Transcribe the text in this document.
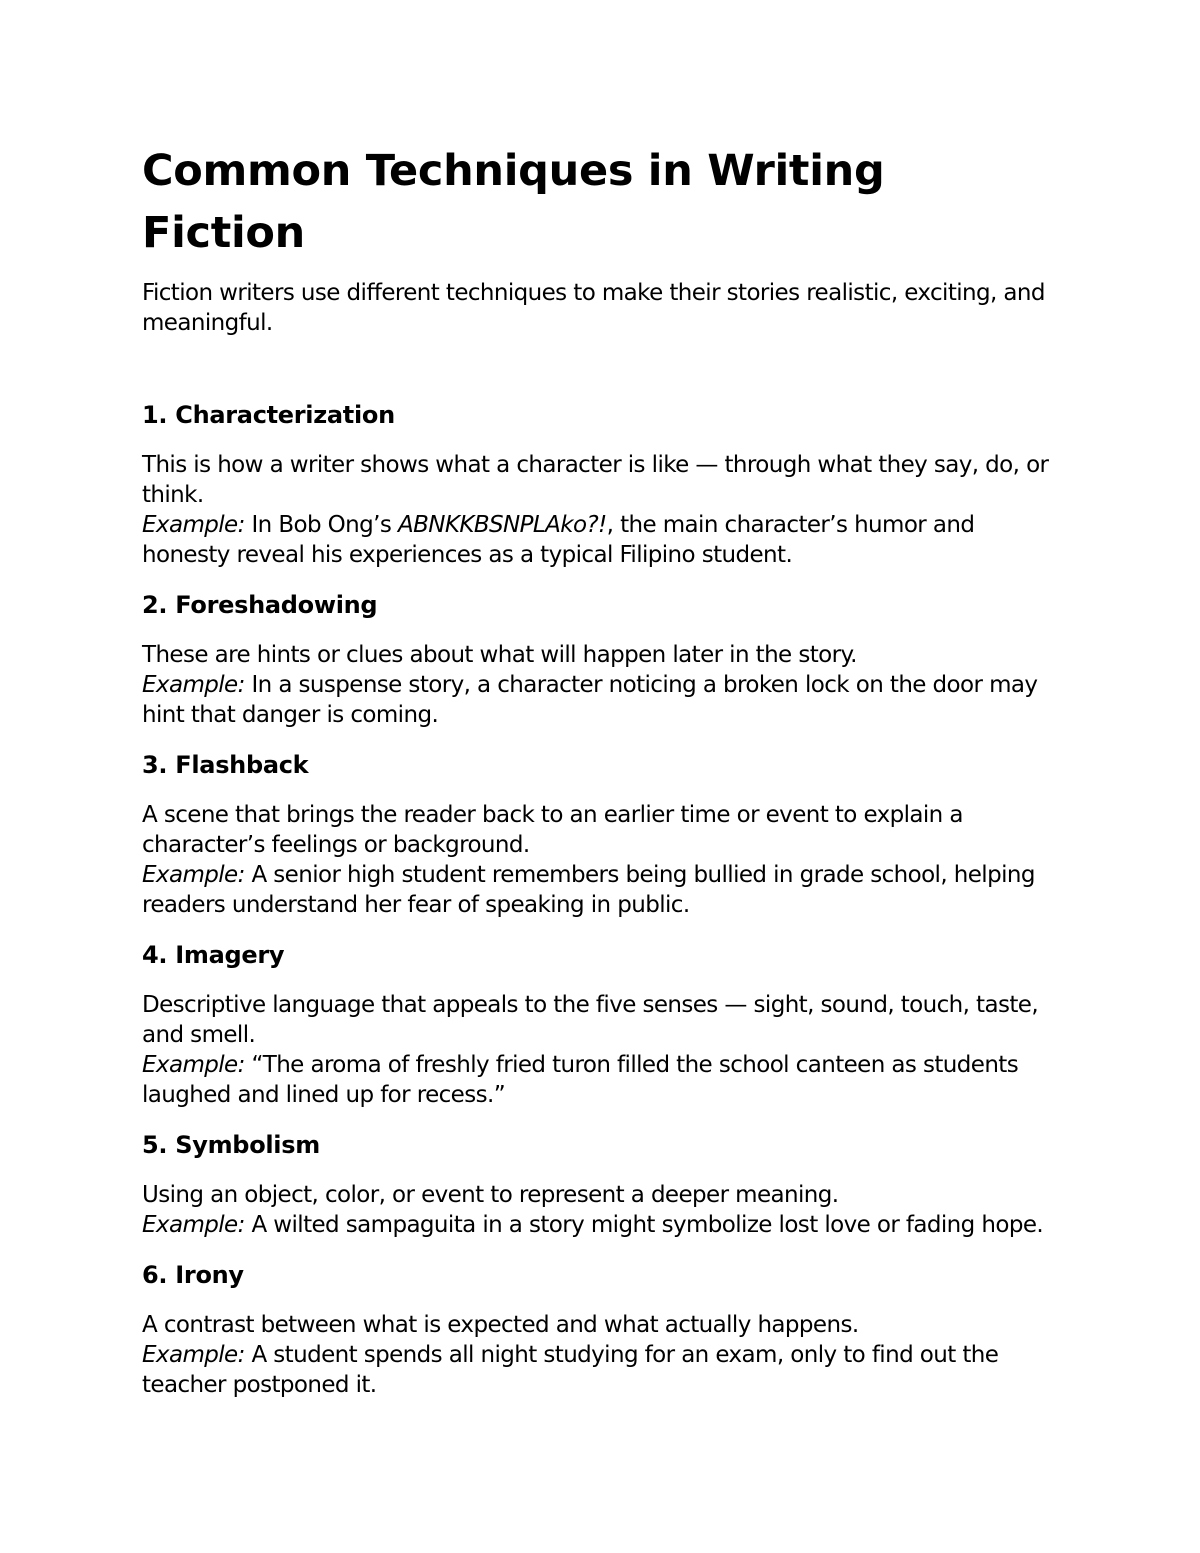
Common Techniques in Writing Fiction

Fiction writers use different techniques to make their stories realistic, exciting, and meaningful.

1. Characterization

This is how a writer shows what a character is like — through what they say, do, or think.
Example: In Bob Ong’s ABNKKBSNPLAko?!, the main character’s humor and honesty reveal his experiences as a typical Filipino student.

2. Foreshadowing

These are hints or clues about what will happen later in the story.
Example: In a suspense story, a character noticing a broken lock on the door may hint that danger is coming.

3. Flashback

A scene that brings the reader back to an earlier time or event to explain a character’s feelings or background.
Example: A senior high student remembers being bullied in grade school, helping readers understand her fear of speaking in public.

4. Imagery

Descriptive language that appeals to the five senses — sight, sound, touch, taste, and smell.
Example: “The aroma of freshly fried turon filled the school canteen as students laughed and lined up for recess.”

5. Symbolism

Using an object, color, or event to represent a deeper meaning.
Example: A wilted sampaguita in a story might symbolize lost love or fading hope.

6. Irony

A contrast between what is expected and what actually happens.
Example: A student spends all night studying for an exam, only to find out the teacher postponed it.
